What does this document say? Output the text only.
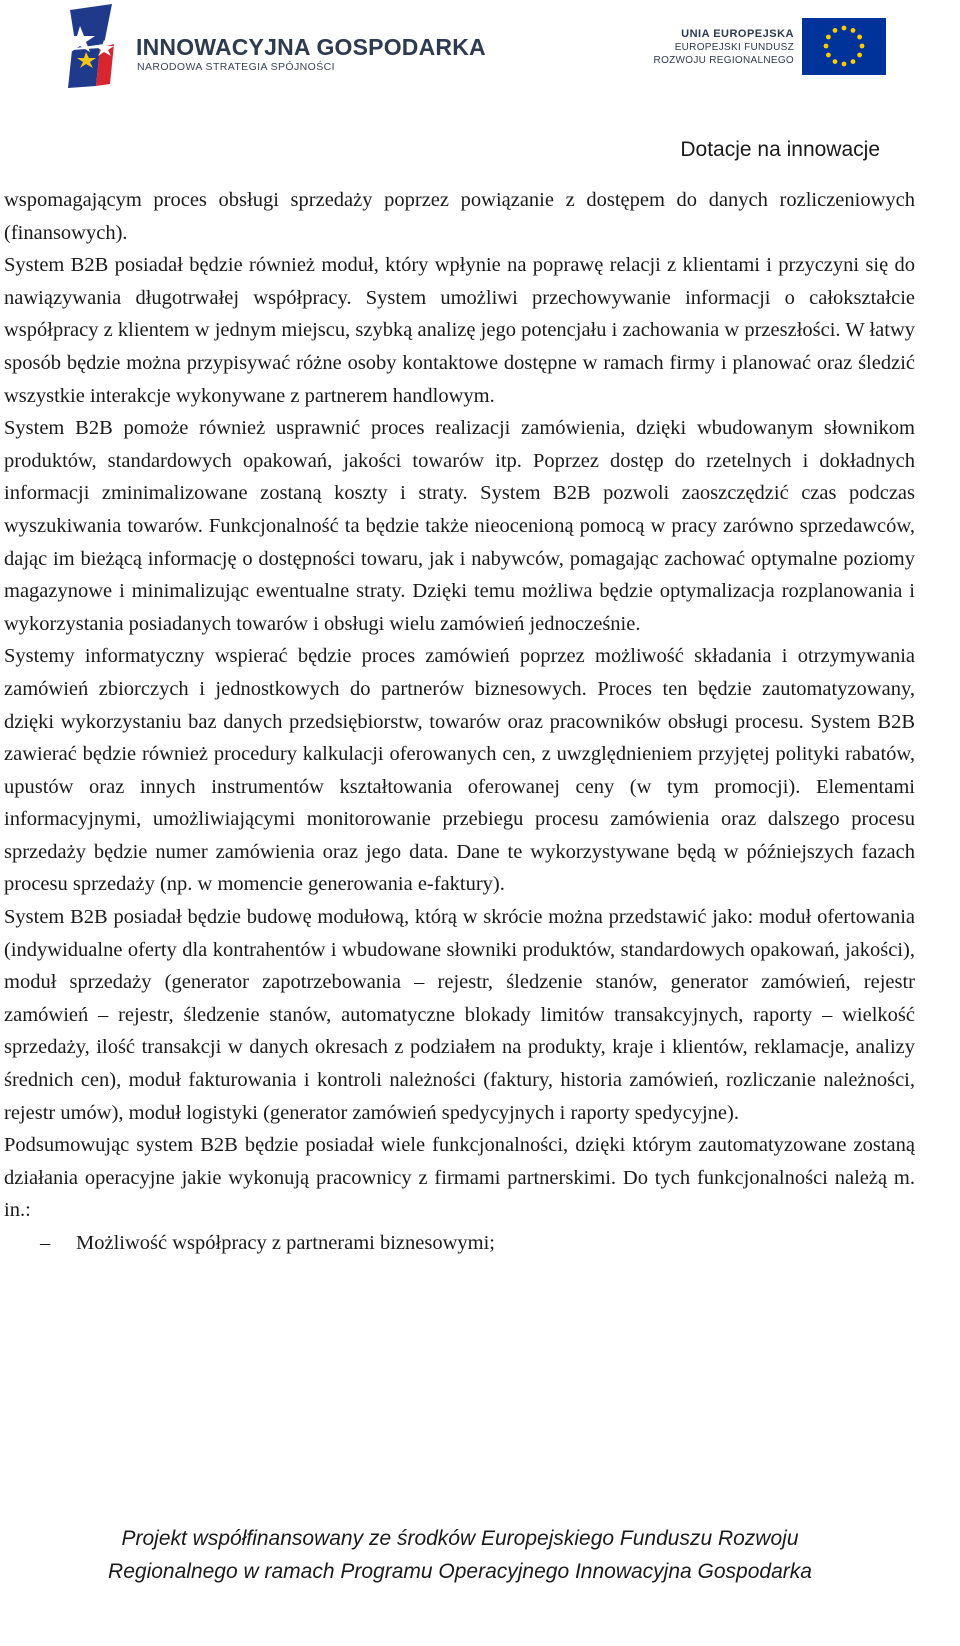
INNOWACYJNA GOSPODARKA
NARODOWA STRATEGIA SPÓJNOŚCI
UNIA EUROPEJSKA
EUROPEJSKI FUNDUSZ
ROZWOJU REGIONALNEGO
Dotacje na innowacje

wspomagającym proces obsługi sprzedaży poprzez powiązanie z dostępem do danych rozliczeniowych (finansowych).

System B2B posiadał będzie również moduł, który wpłynie na poprawę relacji z klientami i przyczyni się do nawiązywania długotrwałej współpracy. System umożliwi przechowywanie informacji o całokształcie współpracy z klientem w jednym miejscu, szybką analizę jego potencjału i zachowania w przeszłości. W łatwy sposób będzie można przypisywać różne osoby kontaktowe dostępne w ramach firmy i planować oraz śledzić wszystkie interakcje wykonywane z partnerem handlowym.

System B2B pomoże również usprawnić proces realizacji zamówienia, dzięki wbudowanym słownikom produktów, standardowych opakowań, jakości towarów itp. Poprzez dostęp do rzetelnych i dokładnych informacji zminimalizowane zostaną koszty i straty. System B2B pozwoli zaoszczędzić czas podczas wyszukiwania towarów. Funkcjonalność ta będzie także nieocenioną pomocą w pracy zarówno sprzedawców, dając im bieżącą informację o dostępności towaru, jak i nabywców, pomagając zachować optymalne poziomy magazynowe i minimalizując ewentualne straty. Dzięki temu możliwa będzie optymalizacja rozplanowania i wykorzystania posiadanych towarów i obsługi wielu zamówień jednocześnie.

Systemy informatyczny wspierać będzie proces zamówień poprzez możliwość składania i otrzymywania zamówień zbiorczych i jednostkowych do partnerów biznesowych. Proces ten będzie zautomatyzowany, dzięki wykorzystaniu baz danych przedsiębiorstw, towarów oraz pracowników obsługi procesu. System B2B zawierać będzie również procedury kalkulacji oferowanych cen, z uwzględnieniem przyjętej polityki rabatów, upustów oraz innych instrumentów kształtowania oferowanej ceny (w tym promocji). Elementami informacyjnymi, umożliwiającymi monitorowanie przebiegu procesu zamówienia oraz dalszego procesu sprzedaży będzie numer zamówienia oraz jego data. Dane te wykorzystywane będą w późniejszych fazach procesu sprzedaży (np. w momencie generowania e-faktury).

System B2B posiadał będzie budowę modułową, którą w skrócie można przedstawić jako: moduł ofertowania (indywidualne oferty dla kontrahentów i wbudowane słowniki produktów, standardowych opakowań, jakości), moduł sprzedaży (generator zapotrzebowania – rejestr, śledzenie stanów, generator zamówień, rejestr zamówień – rejestr, śledzenie stanów, automatyczne blokady limitów transakcyjnych, raporty – wielkość sprzedaży, ilość transakcji w danych okresach z podziałem na produkty, kraje i klientów, reklamacje, analizy średnich cen), moduł fakturowania i kontroli należności (faktury, historia zamówień, rozliczanie należności, rejestr umów), moduł logistyki (generator zamówień spedycyjnych i raporty spedycyjne).

Podsumowując system B2B będzie posiadał wiele funkcjonalności, dzięki którym zautomatyzowane zostaną działania operacyjne jakie wykonują pracownicy z firmami partnerskimi. Do tych funkcjonalności należą m. in.:

–	Możliwość współpracy z partnerami biznesowymi;
Projekt współfinansowany ze środków Europejskiego Funduszu Rozwoju
Regionalnego w ramach Programu Operacyjnego Innowacyjna Gospodarka
